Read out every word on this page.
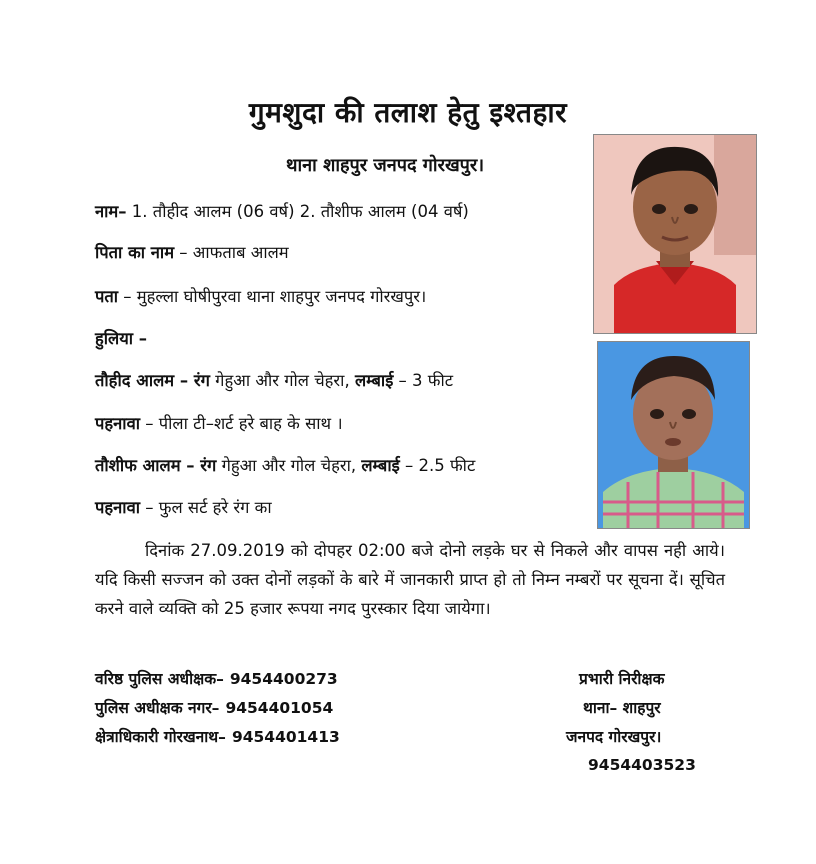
गुमशुदा की तलाश हेतु इश्तहार
थाना शाहपुर जनपद गोरखपुर।
नाम– 1. तौहीद आलम (06 वर्ष) 2. तौशीफ आलम (04 वर्ष)
पिता का नाम – आफताब आलम
पता – मुहल्ला घोषीपुरवा थाना शाहपुर जनपद गोरखपुर।
हुलिया –
तौहीद आलम – रंग गेहुआ और गोल चेहरा, लम्बाई – 3 फीट
पहनावा – पीला टी–शर्ट हरे बाह के साथ ।
तौशीफ आलम – रंग गेहुआ और गोल चेहरा, लम्बाई – 2.5 फीट
पहनावा – फुल सर्ट हरे रंग का
दिनांक 27.09.2019 को दोपहर 02:00 बजे दोनो लड़के घर से निकले और वापस नही आये। यदि किसी सज्जन को उक्त दोनों लड़कों के बारे में जानकारी प्राप्त हो तो निम्न नम्बरों पर सूचना दें। सूचित करने वाले व्यक्ति को 25 हजार रूपया नगद पुरस्कार दिया जायेगा।
वरिष्ठ पुलिस अधीक्षक– 9454400273
पुलिस अधीक्षक नगर– 9454401054
क्षेत्राधिकारी गोरखनाथ– 9454401413
प्रभारी निरीक्षक
थाना– शाहपुर
जनपद गोरखपुर।
9454403523
